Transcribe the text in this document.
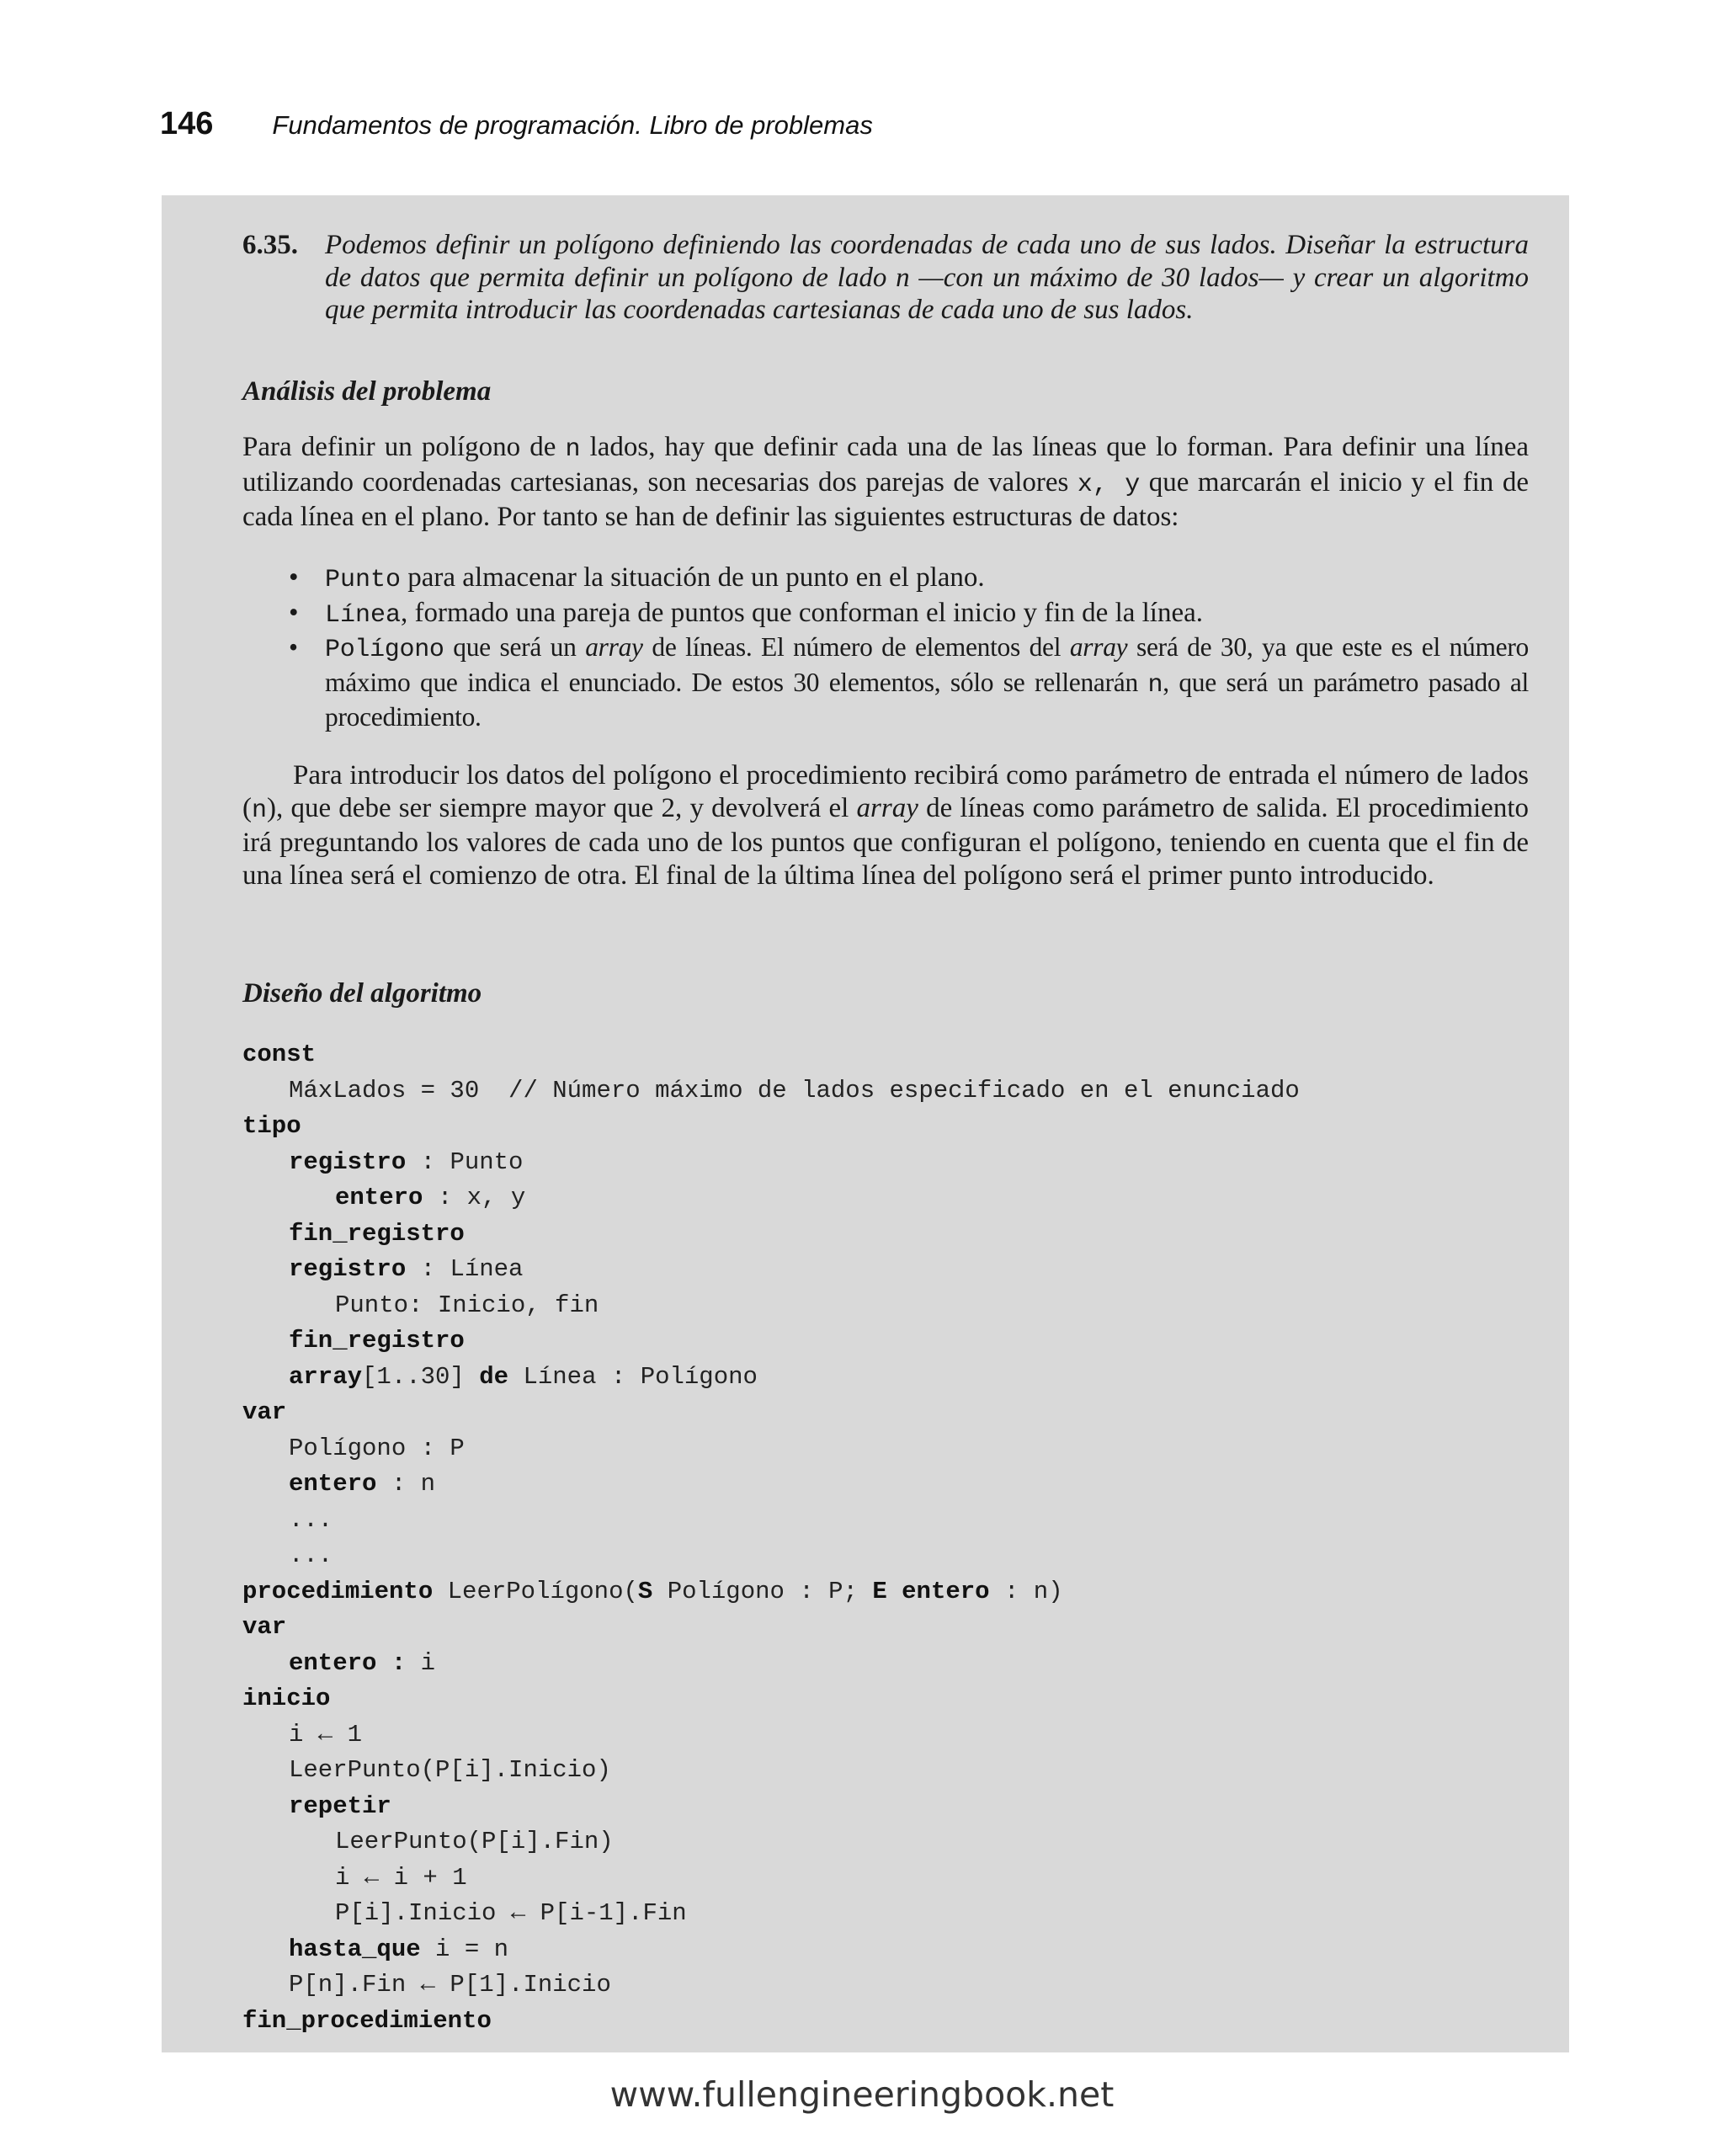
146 Fundamentos de programación. Libro de problemas
6.35. Podemos definir un polígono definiendo las coordenadas de cada uno de sus lados. Diseñar la estructura de datos que permita definir un polígono de lado n —con un máximo de 30 lados— y crear un algoritmo que permita introducir las coordenadas cartesianas de cada uno de sus lados.
Análisis del problema
Para definir un polígono de n lados, hay que definir cada una de las líneas que lo forman. Para definir una línea utilizando coordenadas cartesianas, son necesarias dos parejas de valores x, y que marcarán el inicio y el fin de cada línea en el plano. Por tanto se han de definir las siguientes estructuras de datos:
• Punto para almacenar la situación de un punto en el plano.
• Línea, formado una pareja de puntos que conforman el inicio y fin de la línea.
• Polígono que será un array de líneas. El número de elementos del array será de 30, ya que este es el número máximo que indica el enunciado. De estos 30 elementos, sólo se rellenarán n, que será un parámetro pasado al procedimiento.
Para introducir los datos del polígono el procedimiento recibirá como parámetro de entrada el número de lados (n), que debe ser siempre mayor que 2, y devolverá el array de líneas como parámetro de salida. El procedimiento irá preguntando los valores de cada uno de los puntos que configuran el polígono, teniendo en cuenta que el fin de una línea será el comienzo de otra. El final de la última línea del polígono será el primer punto introducido.
Diseño del algoritmo
const
MáxLados = 30  // Número máximo de lados especificado en el enunciado
tipo
registro : Punto
entero : x, y
fin_registro
registro : Línea
Punto: Inicio, fin
fin_registro
array[1..30] de Línea : Polígono
var
Polígono : P
entero : n
...
...
procedimiento LeerPolígono(S Polígono : P; E entero : n)
var
entero : i
inicio
i ← 1
LeerPunto(P[i].Inicio)
repetir
LeerPunto(P[i].Fin)
i ← i + 1
P[i].Inicio ← P[i-1].Fin
hasta_que i = n
P[n].Fin ← P[1].Inicio
fin_procedimiento
www.fullengineeringbook.net
